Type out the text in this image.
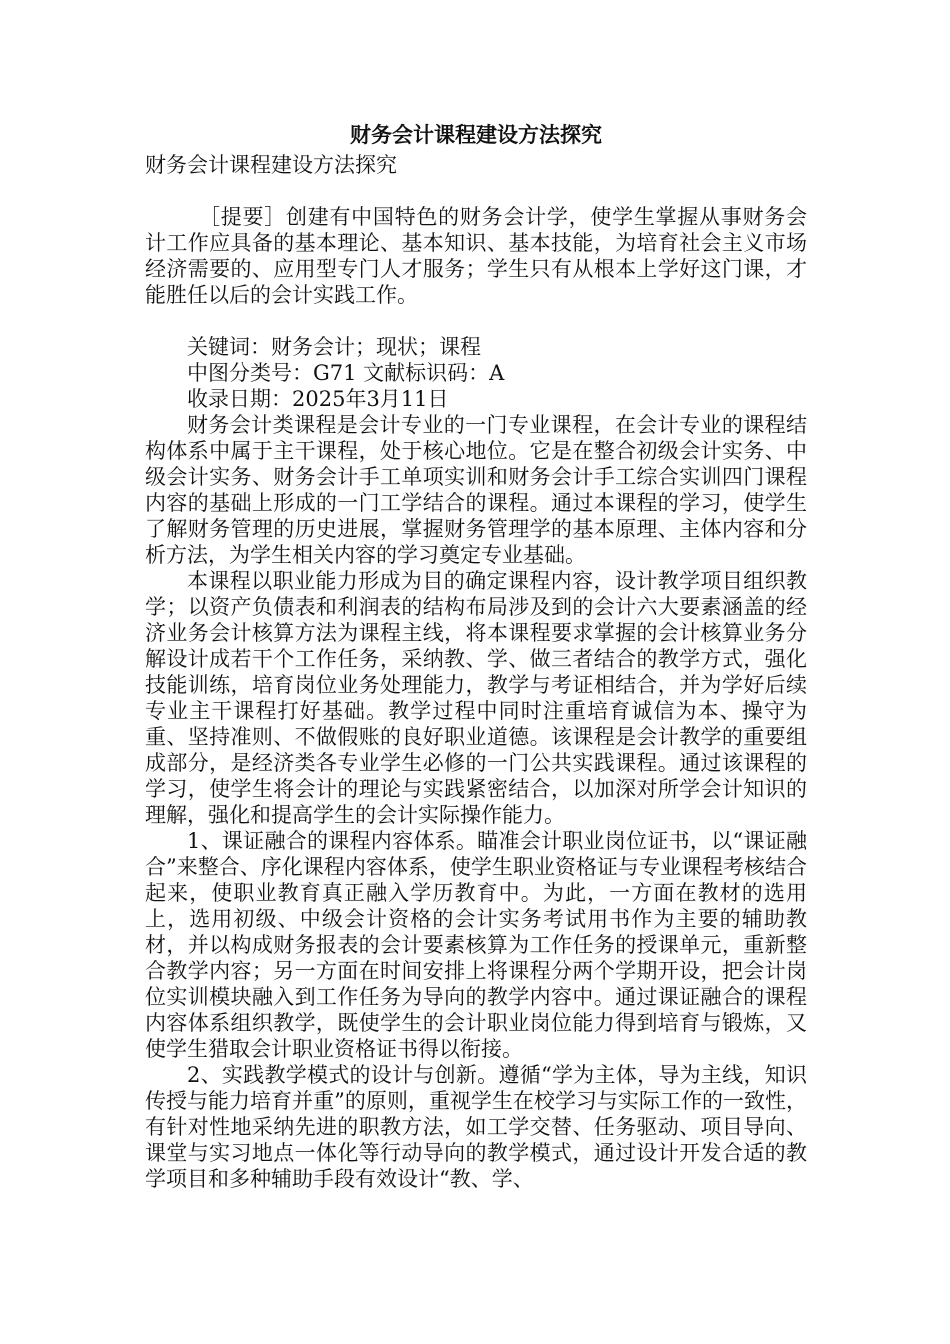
财务会计课程建设方法探究

财务会计课程建设方法探究

［提要］创建有中国特色的财务会计学，使学生掌握从事财务会计工作应具备的基本理论、基本知识、基本技能，为培育社会主义市场经济需要的、应用型专门人才服务；学生只有从根本上学好这门课，才能胜任以后的会计实践工作。

关键词：财务会计；现状；课程

中图分类号：G71 文献标识码：A

收录日期：2025年3月11日

财务会计类课程是会计专业的一门专业课程，在会计专业的课程结构体系中属于主干课程，处于核心地位。它是在整合初级会计实务、中级会计实务、财务会计手工单项实训和财务会计手工综合实训四门课程内容的基础上形成的一门工学结合的课程。通过本课程的学习，使学生了解财务管理的历史进展，掌握财务管理学的基本原理、主体内容和分析方法，为学生相关内容的学习奠定专业基础。

本课程以职业能力形成为目的确定课程内容，设计教学项目组织教学；以资产负债表和利润表的结构布局涉及到的会计六大要素涵盖的经济业务会计核算方法为课程主线，将本课程要求掌握的会计核算业务分解设计成若干个工作任务，采纳教、学、做三者结合的教学方式，强化技能训练，培育岗位业务处理能力，教学与考证相结合，并为学好后续专业主干课程打好基础。教学过程中同时注重培育诚信为本、操守为重、坚持准则、不做假账的良好职业道德。该课程是会计教学的重要组成部分，是经济类各专业学生必修的一门公共实践课程。通过该课程的学习，使学生将会计的理论与实践紧密结合，以加深对所学会计知识的理解，强化和提高学生的会计实际操作能力。

1、课证融合的课程内容体系。瞄准会计职业岗位证书，以“课证融合”来整合、序化课程内容体系，使学生职业资格证与专业课程考核结合起来，使职业教育真正融入学历教育中。为此，一方面在教材的选用上，选用初级、中级会计资格的会计实务考试用书作为主要的辅助教材，并以构成财务报表的会计要素核算为工作任务的授课单元，重新整合教学内容；另一方面在时间安排上将课程分两个学期开设，把会计岗位实训模块融入到工作任务为导向的教学内容中。通过课证融合的课程内容体系组织教学，既使学生的会计职业岗位能力得到培育与锻炼，又使学生猎取会计职业资格证书得以衔接。

2、实践教学模式的设计与创新。遵循“学为主体，导为主线，知识传授与能力培育并重”的原则，重视学生在校学习与实际工作的一致性，有针对性地采纳先进的职教方法，如工学交替、任务驱动、项目导向、课堂与实习地点一体化等行动导向的教学模式，通过设计开发合适的教学项目和多种辅助手段有效设计“教、学、
